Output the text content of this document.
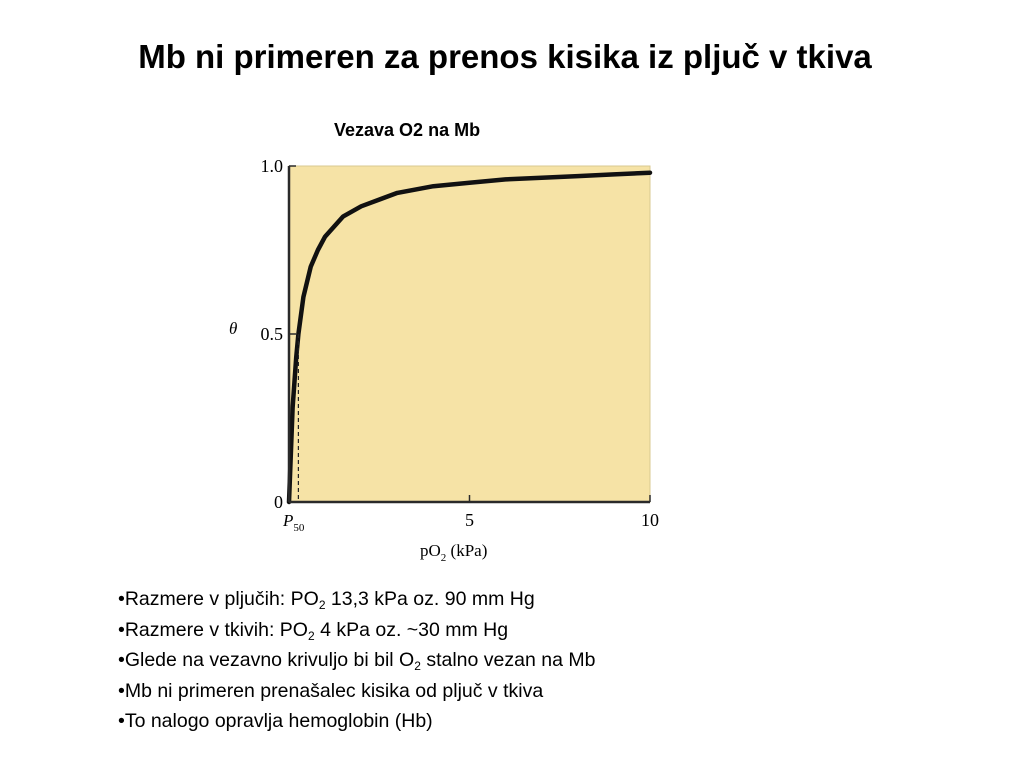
Mb ni primeren za prenos kisika iz pljuč v tkiva
Vezava O2 na Mb
0
0.5
1.0
5	10
θ
$P_{50}$
$pO_2$ (kPa)
•Razmere v pljučih: $PO_2$ 13,3 kPa oz. 90 mm Hg
•Razmere v tkivih: $PO_2$ 4 kPa oz. ~30 mm Hg
•Glede na vezavno krivuljo bi bil $O_2$ stalno vezan na Mb
•Mb ni primeren prenašalec kisika od pljuč v tkiva
•To nalogo opravlja hemoglobin (Hb)
